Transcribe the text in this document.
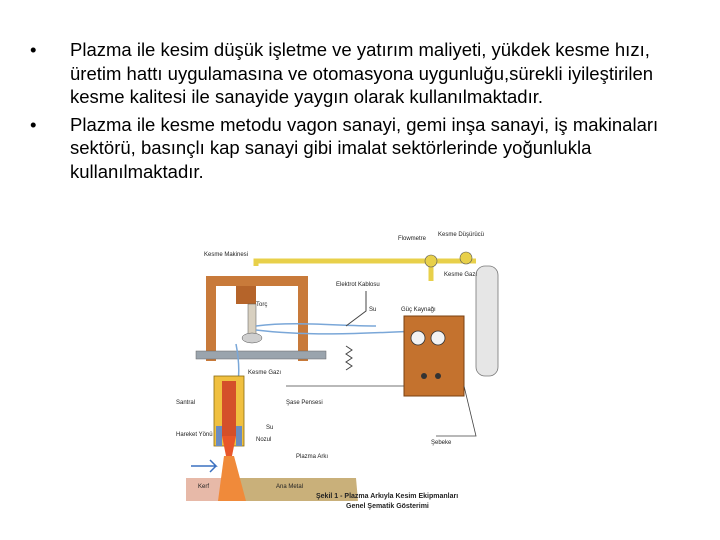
• Plazma ile kesim düşük işletme ve yatırım maliyeti, yükdek kesme hızı, üretim hattı uygulamasına ve otomasyona uygunluğu,sürekli iyileştirilen kesme kalitesi ile sanayide yaygın olarak kullanılmaktadır.
• Plazma ile kesme metodu vagon sanayi, gemi inşa sanayi, iş makinaları sektörü, basınçlı kap sanayi gibi imalat sektörlerinde yoğunlukla kullanılmaktadır.
Kesme Makinesi
Flowmetre
Kesme Düşürücü
Kesme Gazı
Elektrot Kablosu
Torç
Su	Güç Kaynağı
Kesme Gazı
Santral
Hareket Yönü
Şase Pensesi
Şebeke
Su
Nozul
Plazma Arkı
Kerf	Ana Metal
Şekil 1 - Plazma Arkıyla Kesim Ekipmanları
Genel Şematik Gösterimi
